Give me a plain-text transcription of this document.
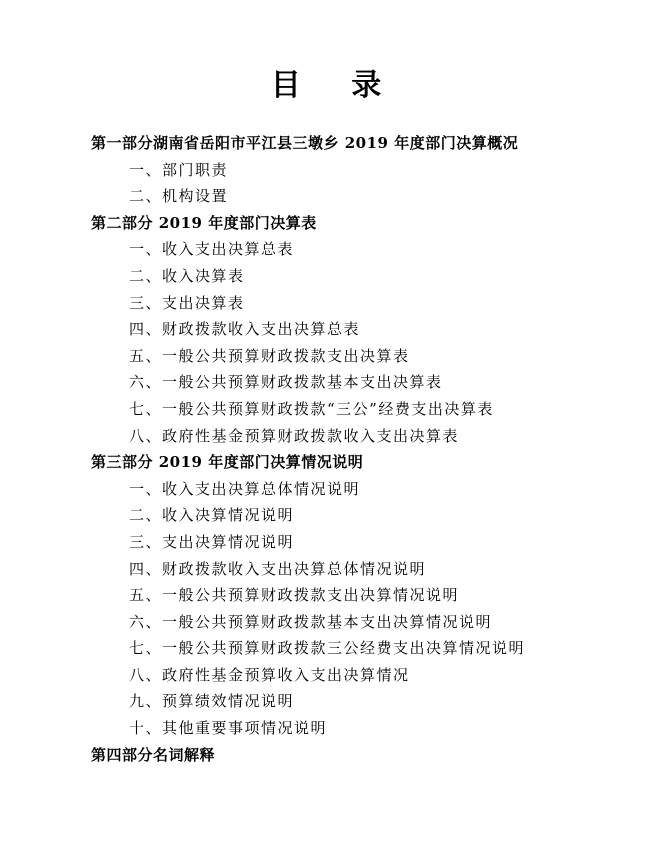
目 录
第一部分湖南省岳阳市平江县三墩乡 2019 年度部门决算概况
一、部门职责
二、机构设置
第二部分 2019 年度部门决算表
一、收入支出决算总表
二、收入决算表
三、支出决算表
四、财政拨款收入支出决算总表
五、一般公共预算财政拨款支出决算表
六、一般公共预算财政拨款基本支出决算表
七、一般公共预算财政拨款“三公”经费支出决算表
八、政府性基金预算财政拨款收入支出决算表
第三部分 2019 年度部门决算情况说明
一、收入支出决算总体情况说明
二、收入决算情况说明
三、支出决算情况说明
四、财政拨款收入支出决算总体情况说明
五、一般公共预算财政拨款支出决算情况说明
六、一般公共预算财政拨款基本支出决算情况说明
七、一般公共预算财政拨款三公经费支出决算情况说明
八、政府性基金预算收入支出决算情况
九、预算绩效情况说明
十、其他重要事项情况说明
第四部分名词解释
